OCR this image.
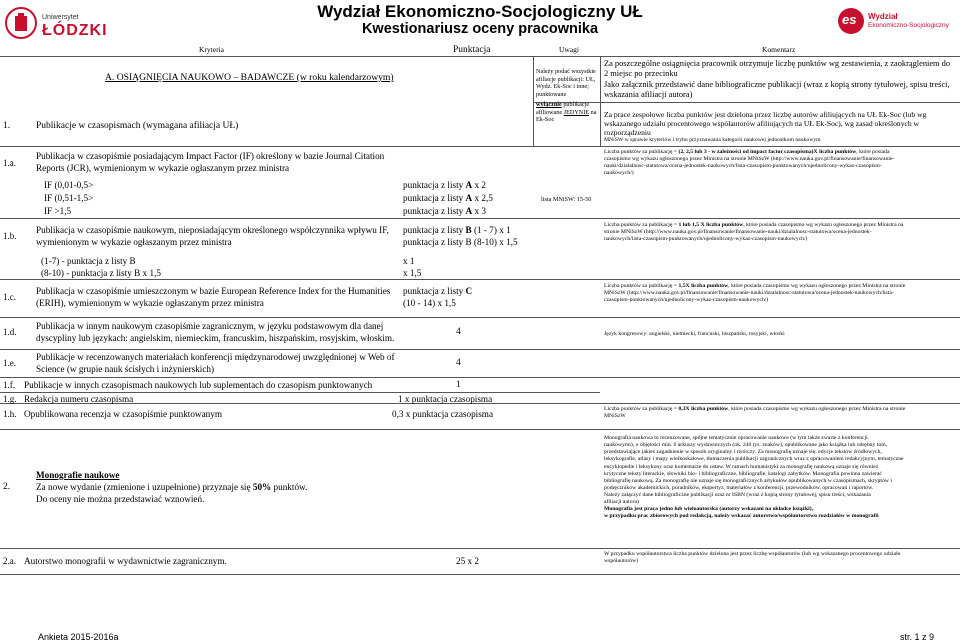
Wydział Ekonomiczno-Socjologiczny UŁ
Kwestionariusz oceny pracownika
Uniwersytet
ŁÓDZKI
es Wydział
Ekonomiczno-Socjologiczny
Kryteria	Punktacja	Uwagi	Komentarz
A. OSIĄGNIĘCIA NAUKOWO – BADAWCZE (w roku kalendarzowym)
Należy podać wszystkie
afiliacje publikacji: UŁ,
Wydz. Ek-Soc i inne;
punktowane
wyłącznie publikacje
afiliowane JEDYNIE na
Ek-Soc
Za poszczególne osiągnięcia pracownik otrzymuje liczbę punktów wg zestawienia, z zaokrągleniem do
2 miejsc po przecinku
Jako załącznik przedstawić dane bibliograficzne publikacji (wraz z kopią strony tytułowej, spisu treści,
wskazania afiliacji autora)
Za prace zespołowe liczba punktów jest dzielona przez liczbę autorów afiliujących na UŁ Ek-Soc (lub wg
wskazanego udziału procentowego współautorów afiliujących na UŁ Ek-Soc), wg zasad określonych w rozporządzeniu
MNiSW w sprawie kryteriów i trybu przyznawania kategorii naukowej jednostkom naukowym
1.	Publikacje w czasopismach (wymagana afiliacja UŁ)
1.a.
Publikacja w czasopiśmie posiadającym Impact Factor (IF) określony w bazie Journal Citation
Reports (JCR), wymienionym w wykazie ogłaszanym przez ministra
IF (0,01-0,5>	punktacja z listy A x 2
IF (0,51-1,5>	punktacja z listy A x 2,5
IF >1,5	punktacja z listy A x 3
lista MNiSW: 15-50
Liczba punktów za publikację = (2, 2,5 lub 3 - w zależności od impact factor czasopisma)X liczba punktów, które posiada
czasopismo wg wykazu ogłoszonego przez Ministra na stronie MNiSzW (http://www.nauka.gov.pl/finansowanie/finansowanie-
nauki/dzialalnosc-statutowa/ocena-jednostek-naukowych/lista-czasopism-punktowanych/ujednolicony-wykaz-czasopism-
naukowych/)
1.b.
Publikacja w czasopiśmie naukowym, nieposiadającym określonego współczynnika wpływu IF,
wymienionym w wykazie ogłaszanym przez ministra
punktacja z listy B (1 - 7) x 1
punktacja z listy B (8-10) x 1,5
(1-7) - punktacja z listy B	x 1
(8-10) - punktacja z listy B x 1,5	x 1,5
Liczba punktów za publikację = 1 lub 1,5 X liczba punktów, które posiada czasopismo wg wykazu ogłoszonego przez Ministra na
stronie MNiSzW (http://www.nauka.gov.pl/finansowanie/finansowanie-nauki/dzialalnosc-statutowa/ocena-jednostek-
naukowych/lista-czasopism-punktowanych/ujednolicony-wykaz-czasopism-naukowych/)
1.c.
Publikacja w czasopiśmie umieszczonym w bazie European Reference Index for the Humanities
(ERIH), wymienionym w wykazie ogłaszanym przez ministra
punktacja z listy C
(10 - 14) x 1,5
Liczba punktów za publikację = 1,5X liczba punktów, które posiada czasopismo wg wykazu ogłoszonego przez Ministra na stronie
MNiSzW (http://www.nauka.gov.pl/finansowanie/finansowanie-nauki/dzialalnosc-statutowa/ocena-jednostek-naukowych/lista-
czasopism-punktowanych/ujednolicony-wykaz-czasopism-naukowych/)
1.d.
Publikacja w innym naukowym czasopiśmie zagranicznym, w języku podstawowym dla danej
dyscypliny lub językach: angielskim, niemieckim, francuskim, hiszpańskim, rosyjskim, włoskim.
4	Język kongresowy: angielski, niemiecki, francuski, hiszpański, rosyjski, włoski
1.e.
Publikacje w recenzowanych materiałach konferencji międzynarodowej uwzględnionej w Web of
Science (w grupie nauk ścisłych i inżynierskich)
4
1.f. Publikacje w innych czasopismach naukowych lub suplementach do czasopism punktowanych	1
1.g. Redakcja numeru czasopisma	1 x punktacja czasopisma
1.h. Opublikowana recenzja w czasopiśmie punktowanym	0,3 x punktacja czasopisma	Liczba punktów za publikację = 0,3X liczba punktów, które posiada czasopismo wg wykazu ogłoszonego przez Ministra na stronie
MNiSzW
2.
Monografie naukowe
Za nowe wydanie (zmienione i uzupełnione) przyznaje się 50% punktów.
Do oceny nie można przedstawiać wznowień.
Monografia naukowa to recenzowane, spójne tematycznie opracowanie naukowe (w tym także zwarte z konferencji
naukowymi), o objętości min. 6 arkuszy wydawniczych (ok. 240 tys. znaków), opublikowane jako książka lub odrębny tom,
przedstawiające jakieś zagadnienie w sposób oryginalny i twórczy. Za monografię uznaje się: edycje tekstów źródłowych,
leksykografie, atlasy i mapy wielkoskalowe, tłumaczenia publikacji zagranicznych wraz z opracowaniem redakcyjnym, tematyczne
encyklopedie i leksykony oraz komentarze do ustaw. W ramach humanistyki za monografię naukową uznaje się również
krytyczne teksty literackie, słowniki bio- i bibliograficzne, bibliografie, katalogi zabytków. Monografia powinna zawierać
bibliografię naukową. Za monografię nie uznaje się monograficznych artykułów opublikowanych w czasopismach, skryptów i
podręczników akademickich, poradników, ekspertyz, materiałów z konferencji, przewodników, opracowań i raportów.
Należy załączyć dane bibliograficzne publikacji oraz nr ISBN (wraz z kopią strony tytułowej, spisu treści, wskazania
afiliacji autora)
Monografia jest praca jedno lub wieloautorska (autorzy wskazani na okładce książki),
w przypadku prac zbiorowych pod redakcją, należy wskazać autorstwo/współautorstwo rozdziałów w monografii
2.a. Autorstwo monografii w wydawnictwie zagranicznym.	25 x 2
W przypadku współautorstwa liczba punktów dzielona jest przez liczbę współautorów (lub wg wskazanego procentowego udziału
współautorów)
Ankieta 2015-2016a	str. 1 z 9
